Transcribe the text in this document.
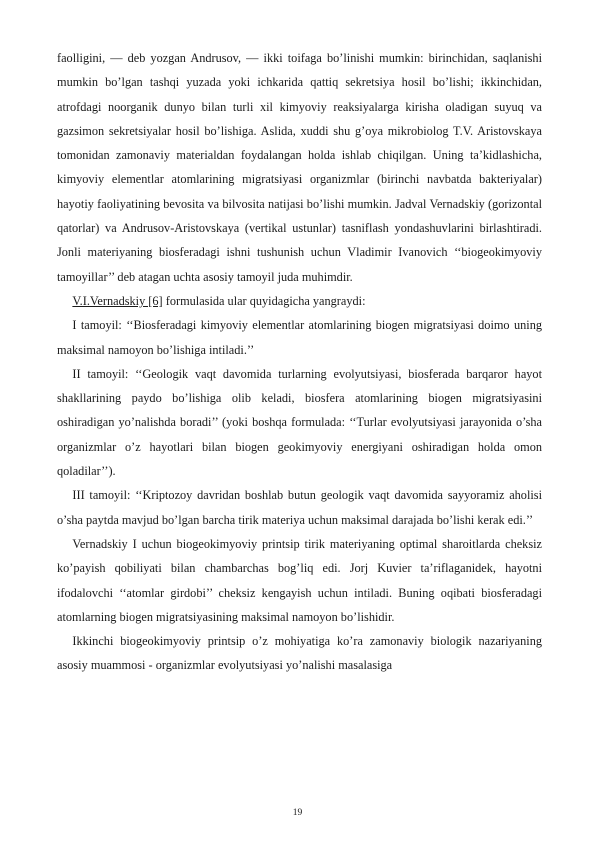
faolligini, — deb yozgan Andrusov, — ikki toifaga bo’linishi mumkin: birinchidan, saqlanishi mumkin bo’lgan tashqi yuzada yoki ichkarida qattiq sekretsiya hosil bo’lishi; ikkinchidan, atrofdagi noorganik dunyo bilan turli xil kimyoviy reaksiyalarga kirisha oladigan suyuq va gazsimon sekretsiyalar hosil bo’lishiga. Aslida, xuddi shu g’oya mikrobiolog T.V. Aristovskaya tomonidan zamonaviy materialdan foydalangan holda ishlab chiqilgan. Uning ta’kidlashicha, kimyoviy elementlar atomlarining migratsiyasi organizmlar (birinchi navbatda bakteriyalar) hayotiy faoliyatining bevosita va bilvosita natijasi bo’lishi mumkin. Jadval Vernadskiy (gorizontal qatorlar) va Andrusov-Aristovskaya (vertikal ustunlar) tasniflash yondashuvlarini birlashtiradi. Jonli materiyaning biosferadagi ishni tushunish uchun Vladimir Ivanovich ‘‘biogeokimyoviy tamoyillar’’ deb atagan uchta asosiy tamoyil juda muhimdir.

V.I.Vernadskiy [6] formulasida ular quyidagicha yangraydi:

I tamoyil: ‘‘Biosferadagi kimyoviy elementlar atomlarining biogen migratsiyasi doimo uning maksimal namoyon bo’lishiga intiladi.’’

II tamoyil: ‘‘Geologik vaqt davomida turlarning evolyutsiyasi, biosferada barqaror hayot shakllarining paydo bo’lishiga olib keladi, biosfera atomlarining biogen migratsiyasini oshiradigan yo’nalishda boradi’’ (yoki boshqa formulada: ‘‘Turlar evolyutsiyasi jarayonida o’sha organizmlar o’z hayotlari bilan biogen geokimyoviy energiyani oshiradigan holda omon qoladilar’’).

III tamoyil: ‘‘Kriptozoy davridan boshlab butun geologik vaqt davomida sayyoramiz aholisi o’sha paytda mavjud bo’lgan barcha tirik materiya uchun maksimal darajada bo’lishi kerak edi.’’

Vernadskiy I uchun biogeokimyoviy printsip tirik materiyaning optimal sharoitlarda cheksiz ko’payish qobiliyati bilan chambarchas bog’liq edi. Jorj Kuvier ta’riflaganidek, hayotni ifodalovchi ‘‘atomlar girdobi’’ cheksiz kengayish uchun intiladi. Buning oqibati biosferadagi atomlarning biogen migratsiyasining maksimal namoyon bo’lishidir.

Ikkinchi biogeokimyoviy printsip o’z mohiyatiga ko’ra zamonaviy biologik nazariyaning asosiy muammosi - organizmlar evolyutsiyasi yo’nalishi masalasiga

19
